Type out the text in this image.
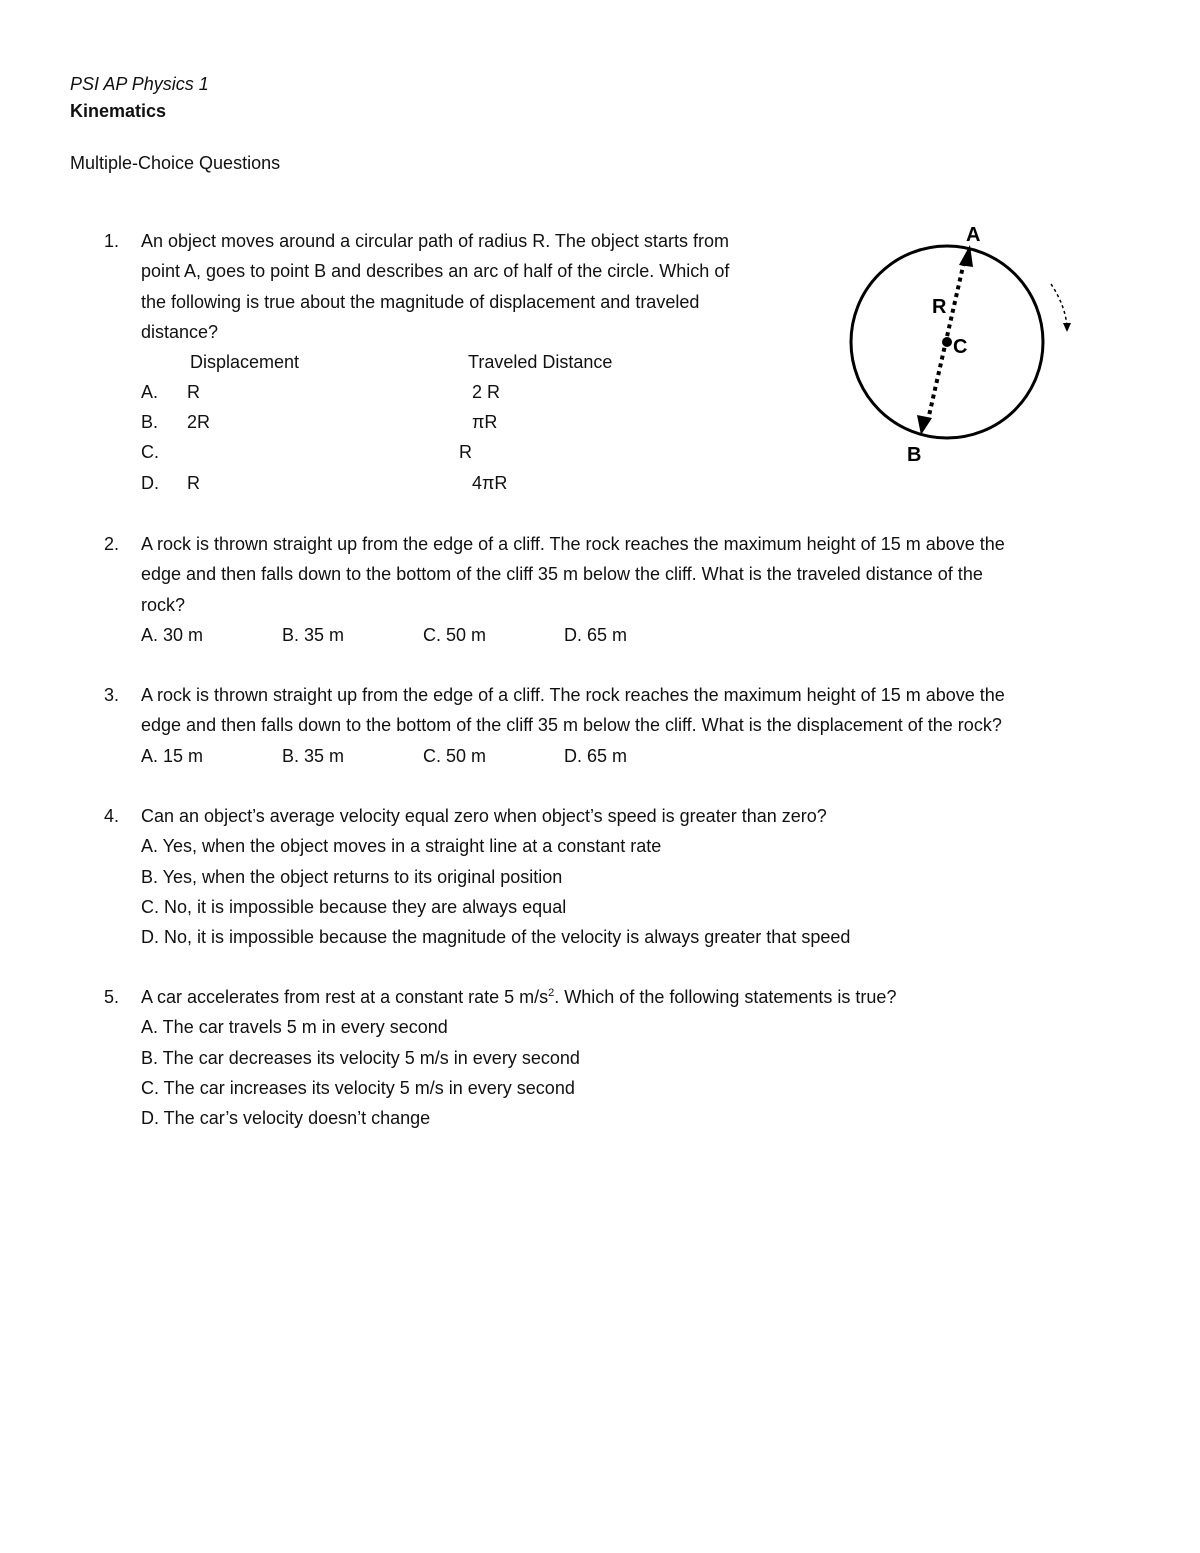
PSI AP Physics 1
Kinematics
Multiple-Choice Questions
1. An object moves around a circular path of radius R. The object starts from
point A, goes to point B and describes an arc of half of the circle. Which of
the following is true about the magnitude of displacement and traveled
distance?
Displacement	Traveled Distance
A. R	2 R
B. 2R	πR
C.	R
D. R	4πR
A
B
C
R
2. A rock is thrown straight up from the edge of a cliff. The rock reaches the maximum height of 15 m above the
edge and then falls down to the bottom of the cliff 35 m below the cliff. What is the traveled distance of the
rock?
A. 30 m	B. 35 m	C. 50 m	D. 65 m
3. A rock is thrown straight up from the edge of a cliff. The rock reaches the maximum height of 15 m above the
edge and then falls down to the bottom of the cliff 35 m below the cliff. What is the displacement of the rock?
A. 15 m	B. 35 m	C. 50 m	D. 65 m
4. Can an object’s average velocity equal zero when object’s speed is greater than zero?
A. Yes, when the object moves in a straight line at a constant rate
B. Yes, when the object returns to its original position
C. No, it is impossible because they are always equal
D. No, it is impossible because the magnitude of the velocity is always greater that speed
5. A car accelerates from rest at a constant rate 5 $m/s^2$. Which of the following statements is true?
A. The car travels 5 m in every second
B. The car decreases its velocity 5 m/s in every second
C. The car increases its velocity 5 m/s in every second
D. The car’s velocity doesn’t change
